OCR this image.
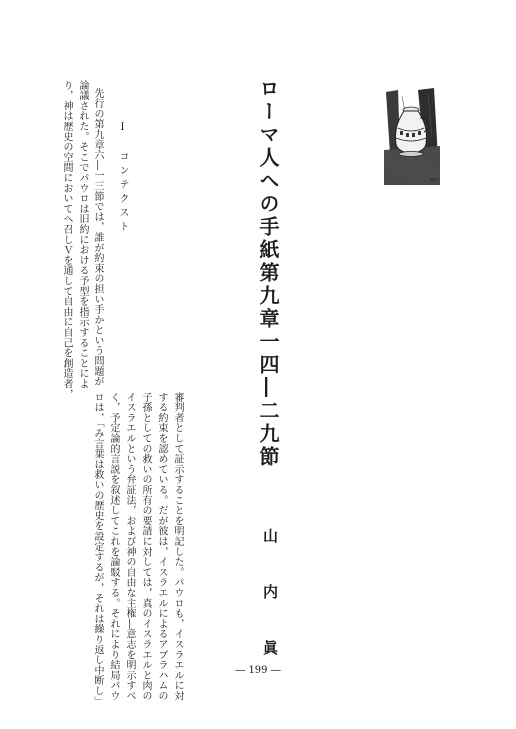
ローマ人への手紙第九章一四―二九節
山　内　眞
Ⅰ　コンテクスト
先行の第九章六―一三節では，誰が約束の担い手かという問題が
論議された。そこでパウロは旧約における予型を指示することによ
り，神は歴史の空間においてへ召しＶを通して自由に自己を創造者，
審判者として証示することを明記した。パウロも，イスラエルに対
する約束を認めている。だが彼は，イスラエルによるアブラハムの
子孫としての救いの所有の要請に対しては，真のイスラエルと肉の
イスラエルという弁証法，および神の自由な主権―意志を明示すべ
く，予定論的言説を叙述してこれを論駁する。それにより結局パウ
ロは，「み言葉は救いの歴史を設定するが，それは繰り返し中断し」	― 199 ―
